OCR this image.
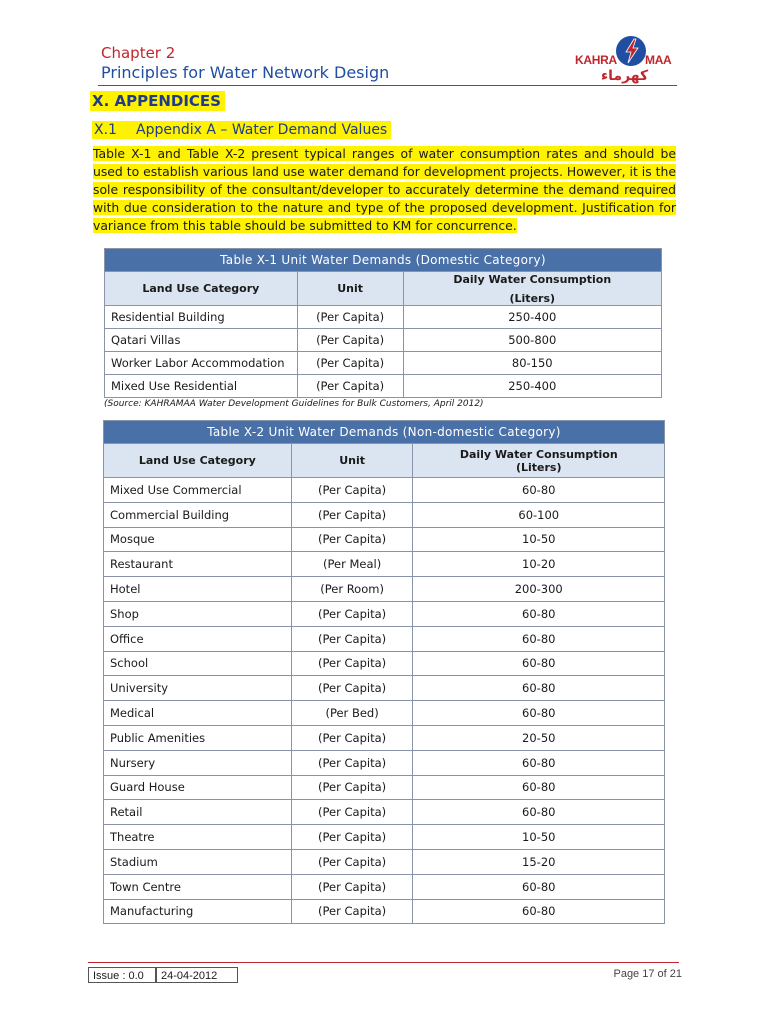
Chapter 2
Principles for Water Network Design
KAHRA MAA
كهرماء
X. APPENDICES
X.1 Appendix A – Water Demand Values

Table X-1 and Table X-2 present typical ranges of water consumption rates and should be used to establish various land use water demand for development projects. However, it is the sole responsibility of the consultant/developer to accurately determine the demand required with due consideration to the nature and type of the proposed development. Justification for variance from this table should be submitted to KM for concurrence.

Table X-1 Unit Water Demands (Domestic Category)		
Land Use Category	Unit	Daily Water Consumption
(Liters)

Residential Building	(Per Capita)	250-400
Qatari Villas	(Per Capita)	500-800
Worker Labor Accommodation	(Per Capita)	80-150
Mixed Use Residential	(Per Capita)	250-400
(Source: KAHRAMAA Water Development Guidelines for Bulk Customers, April 2012)
Table X-2 Unit Water Demands (Non-domestic Category)		
Land Use Category	Unit	Daily Water Consumption
(Liters)

Mixed Use Commercial	(Per Capita)	60-80
Commercial Building	(Per Capita)	60-100
Mosque	(Per Capita)	10-50
Restaurant	(Per Meal)	10-20
Hotel	(Per Room)	200-300
Shop	(Per Capita)	60-80
Office	(Per Capita)	60-80
School	(Per Capita)	60-80
University	(Per Capita)	60-80
Medical	(Per Bed)	60-80
Public Amenities	(Per Capita)	20-50
Nursery	(Per Capita)	60-80
Guard House	(Per Capita)	60-80
Retail	(Per Capita)	60-80
Theatre	(Per Capita)	10-50
Stadium	(Per Capita)	15-20
Town Centre	(Per Capita)	60-80
Manufacturing	(Per Capita)	60-80
Issue : 0.0	24-04-2012	Page 17 of 21
